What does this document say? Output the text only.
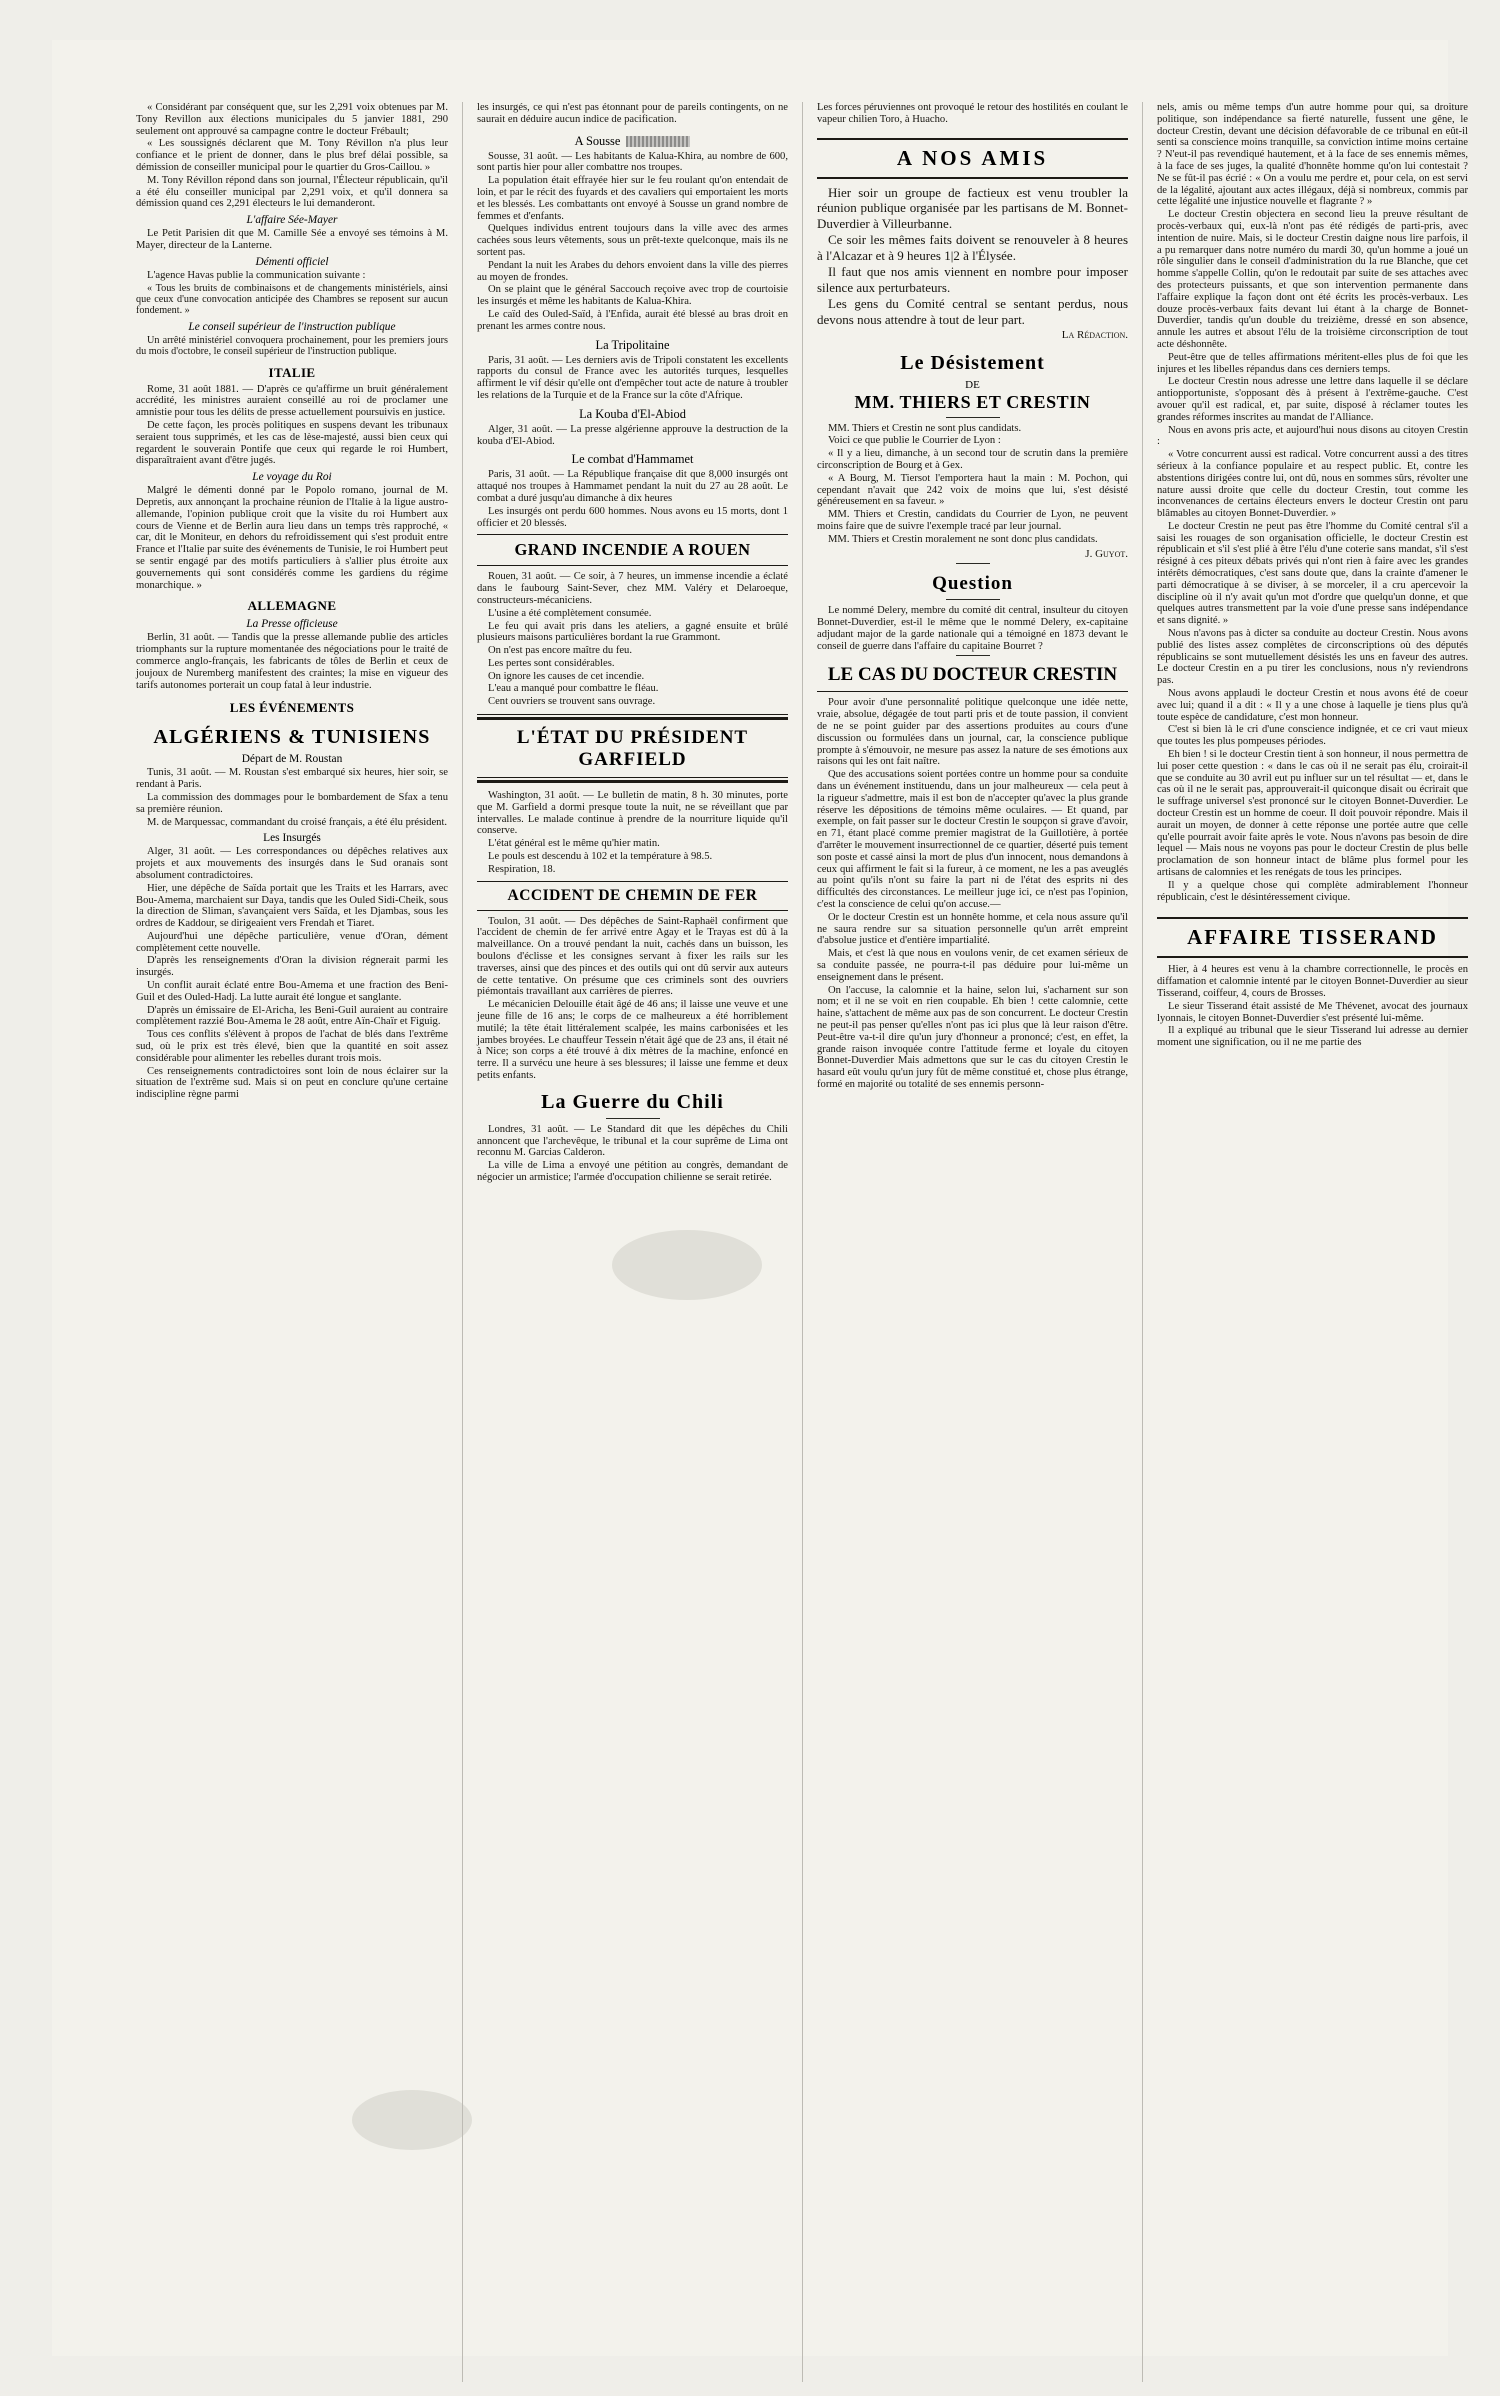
« Considérant par conséquent que, sur les 2,291 voix obtenues par M. Tony Revillon aux élections municipales du 5 janvier 1881, 290 seulement ont approuvé sa campagne contre le docteur Frébault;

« Les soussignés déclarent que M. Tony Révillon n'a plus leur confiance et le prient de donner, dans le plus bref délai possible, sa démission de conseiller municipal pour le quartier du Gros-Caillou. »

M. Tony Révillon répond dans son journal, l'Électeur républicain, qu'il a été élu conseiller municipal par 2,291 voix, et qu'il donnera sa démission quand ces 2,291 électeurs le lui demanderont.

L'affaire Sée-Mayer

Le Petit Parisien dit que M. Camille Sée a envoyé ses témoins à M. Mayer, directeur de la Lanterne.

Démenti officiel

L'agence Havas publie la communication suivante :

« Tous les bruits de combinaisons et de changements ministériels, ainsi que ceux d'une convocation anticipée des Chambres se reposent sur aucun fondement. »

Le conseil supérieur de l'instruction publique

Un arrêté ministériel convoquera prochainement, pour les premiers jours du mois d'octobre, le conseil supérieur de l'instruction publique.

ITALIE

Rome, 31 août 1881. — D'après ce qu'affirme un bruit généralement accrédité, les ministres auraient conseillé au roi de proclamer une amnistie pour tous les délits de presse actuellement poursuivis en justice.

De cette façon, les procès politiques en suspens devant les tribunaux seraient tous supprimés, et les cas de lèse-majesté, aussi bien ceux qui regardent le souverain Pontife que ceux qui regarde le roi Humbert, disparaîtraient avant d'être jugés.

Le voyage du Roi

Malgré le démenti donné par le Popolo romano, journal de M. Depretis, aux annonçant la prochaine réunion de l'Italie à la ligue austro-allemande, l'opinion publique croit que la visite du roi Humbert aux cours de Vienne et de Berlin aura lieu dans un temps très rapproché, « car, dit le Moniteur, en dehors du refroidissement qui s'est produit entre France et l'Italie par suite des événements de Tunisie, le roi Humbert peut se sentir engagé par des motifs particuliers à s'allier plus étroite aux gouvernements qui sont considérés comme les gardiens du régime monarchique. »

ALLEMAGNE
La Presse officieuse

Berlin, 31 août. — Tandis que la presse allemande publie des articles triomphants sur la rupture momentanée des négociations pour le traité de commerce anglo-français, les fabricants de tôles de Berlin et ceux de joujoux de Nuremberg manifestent des craintes; la mise en vigueur des tarifs autonomes porterait un coup fatal à leur industrie.

LES ÉVÉNEMENTS
ALGÉRIENS & TUNISIENS
Départ de M. Roustan

Tunis, 31 août. — M. Roustan s'est embarqué six heures, hier soir, se rendant à Paris.

La commission des dommages pour le bombardement de Sfax a tenu sa première réunion.

M. de Marquessac, commandant du croisé français, a été élu président.

Les Insurgés

Alger, 31 août. — Les correspondances ou dépêches relatives aux projets et aux mouvements des insurgés dans le Sud oranais sont absolument contradictoires.

Hier, une dépêche de Saïda portait que les Traits et les Harrars, avec Bou-Amema, marchaient sur Daya, tandis que les Ouled Sidi-Cheik, sous la direction de Sliman, s'avançaient vers Saïda, et les Djambas, sous les ordres de Kaddour, se dirigeaient vers Frendah et Tiaret.

Aujourd'hui une dépêche particulière, venue d'Oran, dément complètement cette nouvelle.

D'après les renseignements d'Oran la division régnerait parmi les insurgés.

Un conflit aurait éclaté entre Bou-Amema et une fraction des Beni-Guil et des Ouled-Hadj. La lutte aurait été longue et sanglante.

D'après un émissaire de El-Aricha, les Beni-Guil auraient au contraire complètement razzié Bou-Amema le 28 août, entre Aïn-Chaïr et Figuig.

Tous ces conflits s'élèvent à propos de l'achat de blés dans l'extrême sud, où le prix est très élevé, bien que la quantité en soit assez considérable pour alimenter les rebelles durant trois mois.

Ces renseignements contradictoires sont loin de nous éclairer sur la situation de l'extrême sud. Mais si on peut en conclure qu'une certaine indiscipline règne parmi

les insurgés, ce qui n'est pas étonnant pour de pareils contingents, on ne saurait en déduire aucun indice de pacification.

A Sousse

Sousse, 31 août. — Les habitants de Kalua-Khira, au nombre de 600, sont partis hier pour aller combattre nos troupes.

La population était effrayée hier sur le feu roulant qu'on entendait de loin, et par le récit des fuyards et des cavaliers qui emportaient les morts et les blessés. Les combattants ont envoyé à Sousse un grand nombre de femmes et d'enfants.

Quelques individus entrent toujours dans la ville avec des armes cachées sous leurs vêtements, sous un prêt-texte quelconque, mais ils ne sortent pas.

Pendant la nuit les Arabes du dehors envoient dans la ville des pierres au moyen de frondes.

On se plaint que le général Saccouch reçoive avec trop de courtoisie les insurgés et même les habitants de Kalua-Khira.

Le caïd des Ouled-Saïd, à l'Enfida, aurait été blessé au bras droit en prenant les armes contre nous.

La Tripolitaine

Paris, 31 août. — Les derniers avis de Tripoli constatent les excellents rapports du consul de France avec les autorités turques, lesquelles affirment le vif désir qu'elle ont d'empêcher tout acte de nature à troubler les relations de la Turquie et de la France sur la côte d'Afrique.

La Kouba d'El-Abiod

Alger, 31 août. — La presse algérienne approuve la destruction de la kouba d'El-Abiod.

Le combat d'Hammamet

Paris, 31 août. — La République française dit que 8,000 insurgés ont attaqué nos troupes à Hammamet pendant la nuit du 27 au 28 août. Le combat a duré jusqu'au dimanche à dix heures

Les insurgés ont perdu 600 hommes. Nous avons eu 15 morts, dont 1 officier et 20 blessés.

GRAND INCENDIE A ROUEN

Rouen, 31 août. — Ce soir, à 7 heures, un immense incendie a éclaté dans le faubourg Saint-Sever, chez MM. Valéry et Delaroeque, constructeurs-mécaniciens.

L'usine a été complètement consumée.

Le feu qui avait pris dans les ateliers, a gagné ensuite et brûlé plusieurs maisons particulières bordant la rue Grammont.

On n'est pas encore maître du feu.

Les pertes sont considérables.

On ignore les causes de cet incendie.

L'eau a manqué pour combattre le fléau.

Cent ouvriers se trouvent sans ouvrage.

L'ÉTAT DU PRÉSIDENT GARFIELD

Washington, 31 août. — Le bulletin de matin, 8 h. 30 minutes, porte que M. Garfield a dormi presque toute la nuit, ne se réveillant que par intervalles. Le malade continue à prendre de la nourriture liquide qu'il conserve.

L'état général est le même qu'hier matin.

Le pouls est descendu à 102 et la température à 98.5.

Respiration, 18.

ACCIDENT DE CHEMIN DE FER

Toulon, 31 août. — Des dépêches de Saint-Raphaël confirment que l'accident de chemin de fer arrivé entre Agay et le Trayas est dû à la malveillance. On a trouvé pendant la nuit, cachés dans un buisson, les boulons d'éclisse et les consignes servant à fixer les rails sur les traverses, ainsi que des pinces et des outils qui ont dû servir aux auteurs de cette tentative. On présume que ces criminels sont des ouvriers piémontais travaillant aux carrières de pierres.

Le mécanicien Delouille était âgé de 46 ans; il laisse une veuve et une jeune fille de 16 ans; le corps de ce malheureux a été horriblement mutilé; la tête était littéralement scalpée, les mains carbonisées et les jambes broyées. Le chauffeur Tessein n'était âgé que de 23 ans, il était né à Nice; son corps a été trouvé à dix mètres de la machine, enfoncé en terre. Il a survécu une heure à ses blessures; il laisse une femme et deux petits enfants.

La Guerre du Chili

Londres, 31 août. — Le Standard dit que les dépêches du Chili annoncent que l'archevêque, le tribunal et la cour suprême de Lima ont reconnu M. Garcias Calderon.

La ville de Lima a envoyé une pétition au congrès, demandant de négocier un armistice; l'armée d'occupation chilienne se serait retirée.

Les forces péruviennes ont provoqué le retour des hostilités en coulant le vapeur chilien Toro, à Huacho.

A NOS AMIS

Hier soir un groupe de factieux est venu troubler la réunion publique organisée par les partisans de M. Bonnet-Duverdier à Villeurbanne.

Ce soir les mêmes faits doivent se renouveler à 8 heures à l'Alcazar et à 9 heures 1|2 à l'Élysée.

Il faut que nos amis viennent en nombre pour imposer silence aux perturbateurs.

Les gens du Comité central se sentant perdus, nous devons nous attendre à tout de leur part.

La Rédaction.

Le Désistement
DE
MM. THIERS ET CRESTIN

MM. Thiers et Crestin ne sont plus candidats.

Voici ce que publie le Courrier de Lyon :

« Il y a lieu, dimanche, à un second tour de scrutin dans la première circonscription de Bourg et à Gex.

« A Bourg, M. Tiersot l'emportera haut la main : M. Pochon, qui cependant n'avait que 242 voix de moins que lui, s'est désisté généreusement en sa faveur. »

MM. Thiers et Crestin, candidats du Courrier de Lyon, ne peuvent moins faire que de suivre l'exemple tracé par leur journal.

MM. Thiers et Crestin moralement ne sont donc plus candidats.

J. Guyot.

Question

Le nommé Delery, membre du comité dit central, insulteur du citoyen Bonnet-Duverdier, est-il le même que le nommé Delery, ex-capitaine adjudant major de la garde nationale qui a témoigné en 1873 devant le conseil de guerre dans l'affaire du capitaine Bourret ?

LE CAS DU DOCTEUR CRESTIN

Pour avoir d'une personnalité politique quelconque une idée nette, vraie, absolue, dégagée de tout parti pris et de toute passion, il convient de ne se point guider par des assertions produites au cours d'une discussion ou formulées dans un journal, car, la conscience publique prompte à s'émouvoir, ne mesure pas assez la nature de ses émotions aux raisons qui les ont fait naître.

Que des accusations soient portées contre un homme pour sa conduite dans un événement instituendu, dans un jour malheureux — cela peut à la rigueur s'admettre, mais il est bon de n'accepter qu'avec la plus grande réserve les dépositions de témoins même oculaires. — Et quand, par exemple, on fait passer sur le docteur Crestin le soupçon si grave d'avoir, en 71, étant placé comme premier magistrat de la Guillotière, à portée d'arrêter le mouvement insurrectionnel de ce quartier, déserté puis tement son poste et cassé ainsi la mort de plus d'un innocent, nous demandons à ceux qui affirment le fait si la fureur, à ce moment, ne les a pas aveuglés au point qu'ils n'ont su faire la part ni de l'état des esprits ni des difficultés des circonstances. Le meilleur juge ici, ce n'est pas l'opinion, c'est la conscience de celui qu'on accuse.—

Or le docteur Crestin est un honnête homme, et cela nous assure qu'il ne saura rendre sur sa situation personnelle qu'un arrêt empreint d'absolue justice et d'entière impartialité.

Mais, et c'est là que nous en voulons venir, de cet examen sérieux de sa conduite passée, ne pourra-t-il pas déduire pour lui-même un enseignement dans le présent.

On l'accuse, la calomnie et la haine, selon lui, s'acharnent sur son nom; et il ne se voit en rien coupable. Eh bien ! cette calomnie, cette haine, s'attachent de même aux pas de son concurrent. Le docteur Crestin ne peut-il pas penser qu'elles n'ont pas ici plus que là leur raison d'être. Peut-être va-t-il dire qu'un jury d'honneur a prononcé; c'est, en effet, la grande raison invoquée contre l'attitude ferme et loyale du citoyen Bonnet-Duverdier Mais admettons que sur le cas du citoyen Crestin le hasard eût voulu qu'un jury fût de même constitué et, chose plus étrange, formé en majorité ou totalité de ses ennemis personn-

nels, amis ou même temps d'un autre homme pour qui, sa droiture politique, son indépendance sa fierté naturelle, fussent une gêne, le docteur Crestin, devant une décision défavorable de ce tribunal en eût-il senti sa conscience moins tranquille, sa conviction intime moins certaine ? N'eut-il pas revendiqué hautement, et à la face de ses ennemis mêmes, à la face de ses juges, la qualité d'honnête homme qu'on lui contestait ? Ne se fût-il pas écrié : « On a voulu me perdre et, pour cela, on est servi de la légalité, ajoutant aux actes illégaux, déjà si nombreux, commis par cette légalité une injustice nouvelle et flagrante ? »

Le docteur Crestin objectera en second lieu la preuve résultant de procès-verbaux qui, eux-là n'ont pas été rédigés de parti-pris, avec intention de nuire. Mais, si le docteur Crestin daigne nous lire parfois, il a pu remarquer dans notre numéro du mardi 30, qu'un homme a joué un rôle singulier dans le conseil d'administration du la rue Blanche, que cet homme s'appelle Collin, qu'on le redoutait par suite de ses attaches avec des protecteurs puissants, et que son intervention permanente dans l'affaire explique la façon dont ont été écrits les procès-verbaux. Les douze procès-verbaux faits devant lui étant à la charge de Bonnet-Duverdier, tandis qu'un double du treizième, dressé en son absence, annule les autres et absout l'élu de la troisième circonscription de tout acte déshonnête.

Peut-être que de telles affirmations méritent-elles plus de foi que les injures et les libelles répandus dans ces derniers temps.

Le docteur Crestin nous adresse une lettre dans laquelle il se déclare antiopportuniste, s'opposant dès à présent à l'extrême-gauche. C'est avouer qu'il est radical, et, par suite, disposé à réclamer toutes les grandes réformes inscrites au mandat de l'Alliance.

Nous en avons pris acte, et aujourd'hui nous disons au citoyen Crestin :

« Votre concurrent aussi est radical. Votre concurrent aussi a des titres sérieux à la confiance populaire et au respect public. Et, contre les abstentions dirigées contre lui, ont dû, nous en sommes sûrs, révolter une nature aussi droite que celle du docteur Crestin, tout comme les inconvenances de certains électeurs envers le docteur Crestin ont paru blâmables au citoyen Bonnet-Duverdier. »

Le docteur Crestin ne peut pas être l'homme du Comité central s'il a saisi les rouages de son organisation officielle, le docteur Crestin est républicain et s'il s'est plié à être l'élu d'une coterie sans mandat, s'il s'est résigné à ces piteux débats privés qui n'ont rien à faire avec les grandes intérêts démocratiques, c'est sans doute que, dans la crainte d'amener le parti démocratique à se diviser, à se morceler, il a cru apercevoir la discipline où il n'y avait qu'un mot d'ordre que quelqu'un donne, et que quelques autres transmettent par la voie d'une presse sans indépendance et sans dignité. »

Nous n'avons pas à dicter sa conduite au docteur Crestin. Nous avons publié des listes assez complètes de circonscriptions où des députés républicains se sont mutuellement désistés les uns en faveur des autres. Le docteur Crestin en a pu tirer les conclusions, nous n'y reviendrons pas.

Nous avons applaudi le docteur Crestin et nous avons été de coeur avec lui; quand il a dit : « Il y a une chose à laquelle je tiens plus qu'à toute espèce de candidature, c'est mon honneur.

C'est si bien là le cri d'une conscience indignée, et ce cri vaut mieux que toutes les plus pompeuses périodes.

Eh bien ! si le docteur Crestin tient à son honneur, il nous permettra de lui poser cette question : « dans le cas où il ne serait pas élu, croirait-il que se conduite au 30 avril eut pu influer sur un tel résultat — et, dans le cas où il ne le serait pas, approuverait-il quiconque disait ou écrirait que le suffrage universel s'est prononcé sur le citoyen Bonnet-Duverdier. Le docteur Crestin est un homme de coeur. Il doit pouvoir répondre. Mais il aurait un moyen, de donner à cette réponse une portée autre que celle qu'elle pourrait avoir faite après le vote. Nous n'avons pas besoin de dire lequel — Mais nous ne voyons pas pour le docteur Crestin de plus belle proclamation de son honneur intact de blâme plus formel pour les artisans de calomnies et les renégats de tous les principes.

Il y a quelque chose qui complète admirablement l'honneur républicain, c'est le désintéressement civique.

AFFAIRE TISSERAND

Hier, à 4 heures est venu à la chambre correctionnelle, le procès en diffamation et calomnie intenté par le citoyen Bonnet-Duverdier au sieur Tisserand, coiffeur, 4, cours de Brosses.

Le sieur Tisserand était assisté de Me Thévenet, avocat des journaux lyonnais, le citoyen Bonnet-Duverdier s'est présenté lui-même.

Il a expliqué au tribunal que le sieur Tisserand lui adresse au dernier moment une signification, ou il ne me partie des
